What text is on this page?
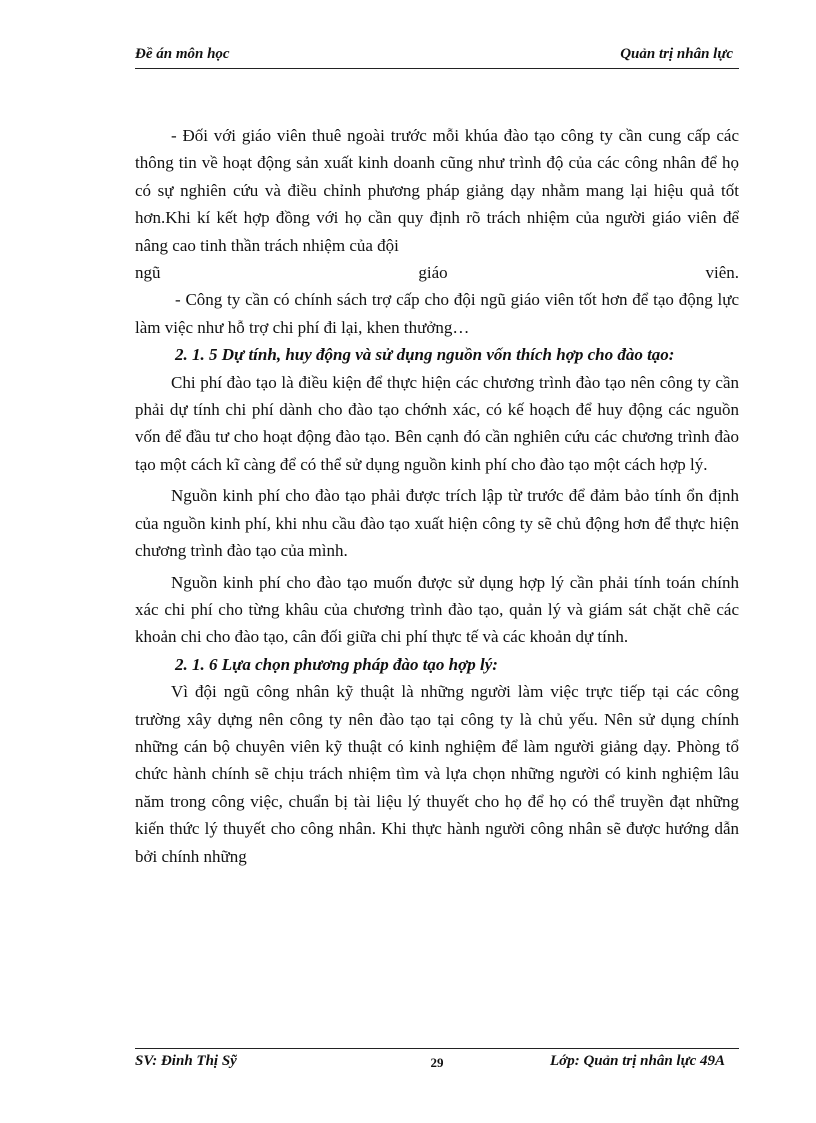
Đề án môn học	Quản trị nhân lực

- Đối với giáo viên thuê ngoài trước mỗi khúa đào tạo công ty cần cung cấp các thông tin về hoạt động sản xuất kinh doanh cũng như trình độ của các công nhân để họ có sự nghiên cứu và điều chỉnh phương pháp giảng dạy nhằm mang lại hiệu quả tốt hơn.Khi kí kết hợp đồng với họ cần quy định rõ trách nhiệm của người giáo viên để nâng cao tinh thần trách nhiệm của đội

ngũ	giáo	viên.

- Công ty cần có chính sách trợ cấp cho đội ngũ giáo viên tốt hơn để tạo động lực làm việc như hỗ trợ chi phí đi lại, khen thưởng…

2. 1. 5 Dự tính, huy động và sử dụng nguồn vốn thích hợp cho đào tạo:

Chi phí đào tạo là điều kiện để thực hiện các chương trình đào tạo nên công ty cần phải dự tính chi phí dành cho đào tạo chớnh xác, có kế hoạch để huy động các nguồn vốn để đầu tư cho hoạt động đào tạo. Bên cạnh đó cần nghiên cứu các chương trình đào tạo một cách kĩ càng để có thể sử dụng nguồn kinh phí cho đào tạo một cách hợp lý.

Nguồn kinh phí cho đào tạo phải được trích lập từ trước để đảm bảo tính ổn định của nguồn kinh phí, khi nhu cầu đào tạo xuất hiện công ty sẽ chủ động hơn để thực hiện chương trình đào tạo của mình.

Nguồn kinh phí cho đào tạo muốn được sử dụng hợp lý cần phải tính toán chính xác chi phí cho từng khâu của chương trình đào tạo, quản lý và giám sát chặt chẽ các khoản chi cho đào tạo, cân đối giữa chi phí thực tế và các khoản dự tính.

2. 1. 6 Lựa chọn phương pháp đào tạo hợp lý:

Vì đội ngũ công nhân kỹ thuật là những người làm việc trực tiếp tại các công trường xây dựng nên công ty nên đào tạo tại công ty là chủ yếu. Nên sử dụng chính những cán bộ chuyên viên kỹ thuật có kinh nghiệm để làm người giảng dạy. Phòng tổ chức hành chính sẽ chịu trách nhiệm tìm và lựa chọn những người có kinh nghiệm lâu năm trong công việc, chuẩn bị tài liệu lý thuyết cho họ để họ có thể truyền đạt những kiến thức lý thuyết cho công nhân. Khi thực hành người công nhân sẽ được hướng dẫn bởi chính những

SV: Đinh Thị Sỹ	29	Lớp: Quản trị nhân lực 49A
